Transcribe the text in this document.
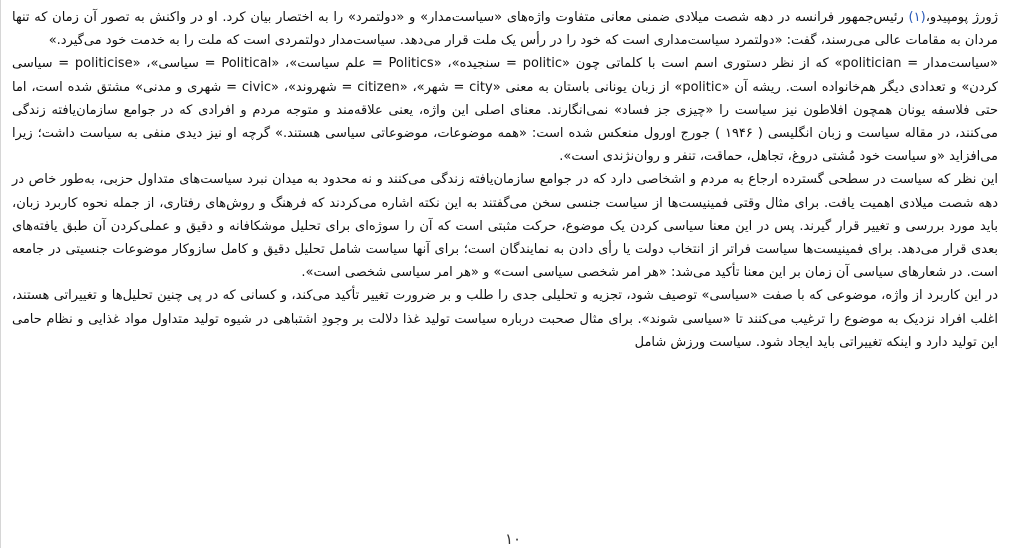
ژورژ پومپیدو،(۱) رئیس‌جمهور فرانسه در دهه شصت میلادی ضمنی معانی متفاوت واژه‌های «سیاست‌مدار» و «دولتمرد» را به اختصار بیان کرد. او در واکنش به تصور آن زمان که تنها مردان به مقامات عالی می‌رسند، گفت: «دولتمرد سیاست‌مداری است که خود را در رأس یک ملت قرار می‌دهد. سیاست‌مدار دولتمردی است که ملت را به خدمت خود می‌گیرد.»

«سیاست‌مدار = politician» که از نظر دستوری اسم است با کلماتی چون «politic = سنجیده»، «Politics = علم سیاست»، «Political = سیاسی»، «politicise = سیاسی کردن» و تعدادی دیگر هم‌خانواده است. ریشه آن «politic» از زبان یونانی باستان به معنی «city = شهر»، «citizen = شهروند»، «civic = شهری و مدنی» مشتق شده است، اما حتی فلاسفه یونان همچون افلاطون نیز سیاست را «چیزی جز فساد» نمی‌انگارند. معنای اصلی این واژه، یعنی علاقه‌مند و متوجه مردم و افرادی که در جوامع سازمان‌یافته زندگی می‌کنند، در مقاله سیاست و زبان انگلیسی ( ۱۹۴۶ ) جورج اورول منعکس شده است: «همه موضوعات، موضوعاتی سیاسی هستند.» گرچه او نیز دیدی منفی به سیاست داشت؛ زیرا می‌افزاید «و سیاست خود مُشتی دروغ، تجاهل، حماقت، تنفر و روان‌نژندی است».

این نظر که سیاست در سطحی گسترده ارجاع به مردم و اشخاصی دارد که در جوامع سازمان‌یافته زندگی می‌کنند و نه محدود به میدان نبرد سیاست‌های متداول حزبی، به‌طور خاص در دهه شصت میلادی اهمیت یافت. برای مثال وقتی فمینیست‌ها از سیاست جنسی سخن می‌گفتند به این نکته اشاره می‌کردند که فرهنگ و روش‌های رفتاری، از جمله نحوه کاربرد زبان، باید مورد بررسی و تغییر قرار گیرند. پس در این معنا سیاسی کردن یک موضوع، حرکت مثبتی است که آن را سوژه‌ای برای تحلیل موشکافانه و دقیق و عملی‌کردن آن طبق یافته‌های بعدی قرار می‌دهد. برای فمینیست‌ها سیاست فراتر از انتخاب دولت یا رأی دادن به نمایندگان است؛ برای آنها سیاست شامل تحلیل دقیق و کامل سازوکار موضوعات جنسیتی در جامعه است. در شعارهای سیاسی آن زمان بر این معنا تأکید می‌شد: «هر امر شخصی سیاسی است» و «هر امر سیاسی شخصی است».

در این کاربرد از واژه، موضوعی که با صفت «سیاسی» توصیف شود، تجزیه و تحلیلی جدی را طلب و بر ضرورت تغییر تأکید می‌کند، و کسانی که در پی چنین تحلیل‌ها و تغییراتی هستند، اغلب افراد نزدیک به موضوع را ترغیب می‌کنند تا «سیاسی شوند». برای مثال صحبت درباره سیاست تولید غذا دلالت بر وجودِ اشتباهی در شیوه تولید متداول مواد غذایی و نظام حامی این تولید دارد و اینکه تغییراتی باید ایجاد شود. سیاست ورزش شامل

۱۰
